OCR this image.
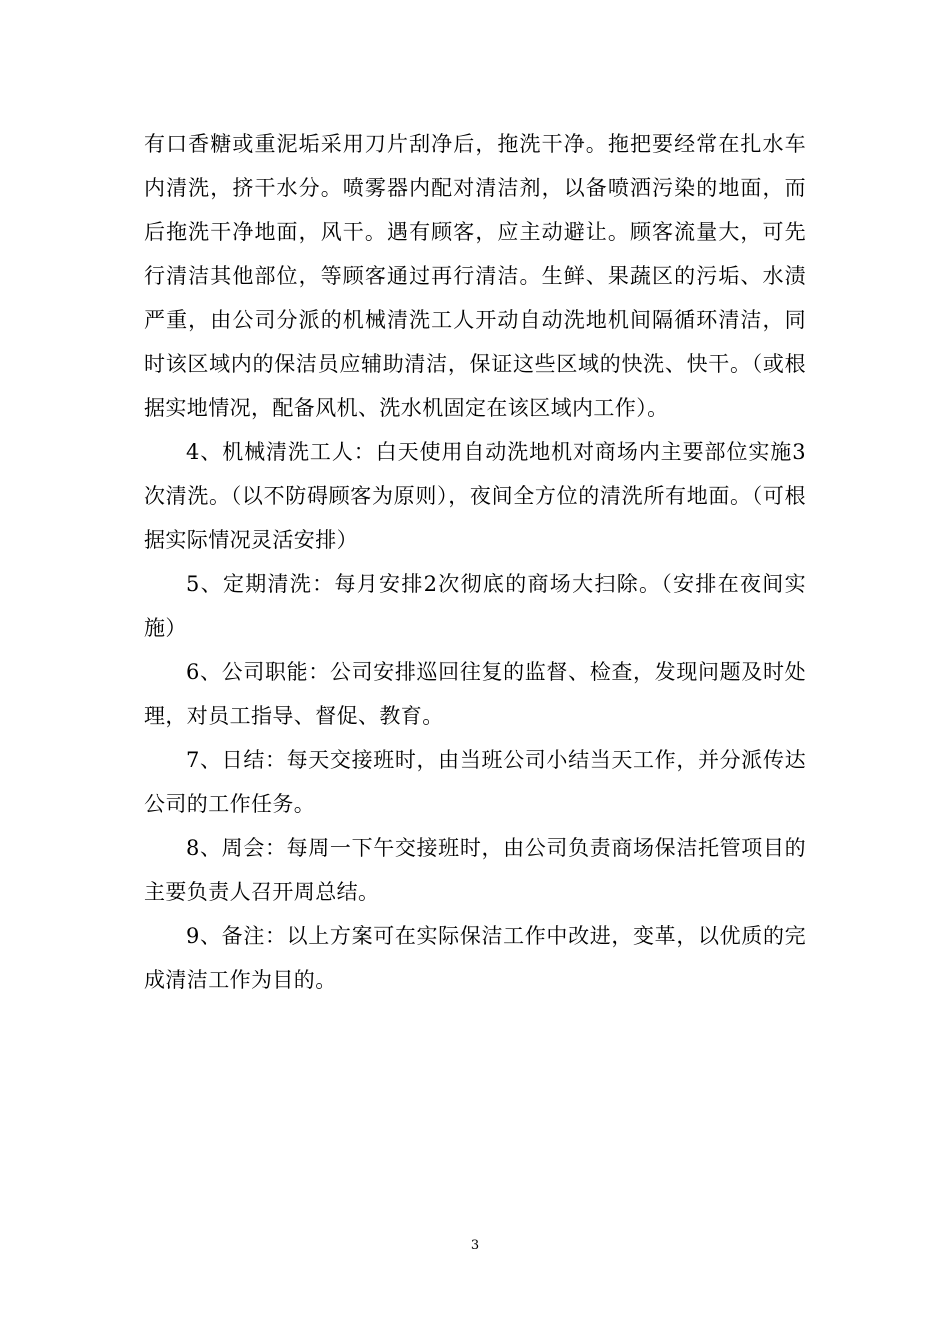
有口香糖或重泥垢采用刀片刮净后，拖洗干净。拖把要经常在扎水车内清洗，挤干水分。喷雾器内配对清洁剂，以备喷洒污染的地面，而后拖洗干净地面，风干。遇有顾客，应主动避让。顾客流量大，可先行清洁其他部位，等顾客通过再行清洁。生鲜、果蔬区的污垢、水渍严重，由公司分派的机械清洗工人开动自动洗地机间隔循环清洁，同时该区域内的保洁员应辅助清洁，保证这些区域的快洗、快干。（或根据实地情况，配备风机、洗水机固定在该区域内工作）。

4、机械清洗工人：白天使用自动洗地机对商场内主要部位实施3次清洗。（以不防碍顾客为原则），夜间全方位的清洗所有地面。（可根据实际情况灵活安排）

5、定期清洗：每月安排2次彻底的商场大扫除。（安排在夜间实施）

6、公司职能：公司安排巡回往复的监督、检查，发现问题及时处理，对员工指导、督促、教育。

7、日结：每天交接班时，由当班公司小结当天工作，并分派传达公司的工作任务。

8、周会：每周一下午交接班时，由公司负责商场保洁托管项目的主要负责人召开周总结。

9、备注：以上方案可在实际保洁工作中改进，变革，以优质的完成清洁工作为目的。

3
